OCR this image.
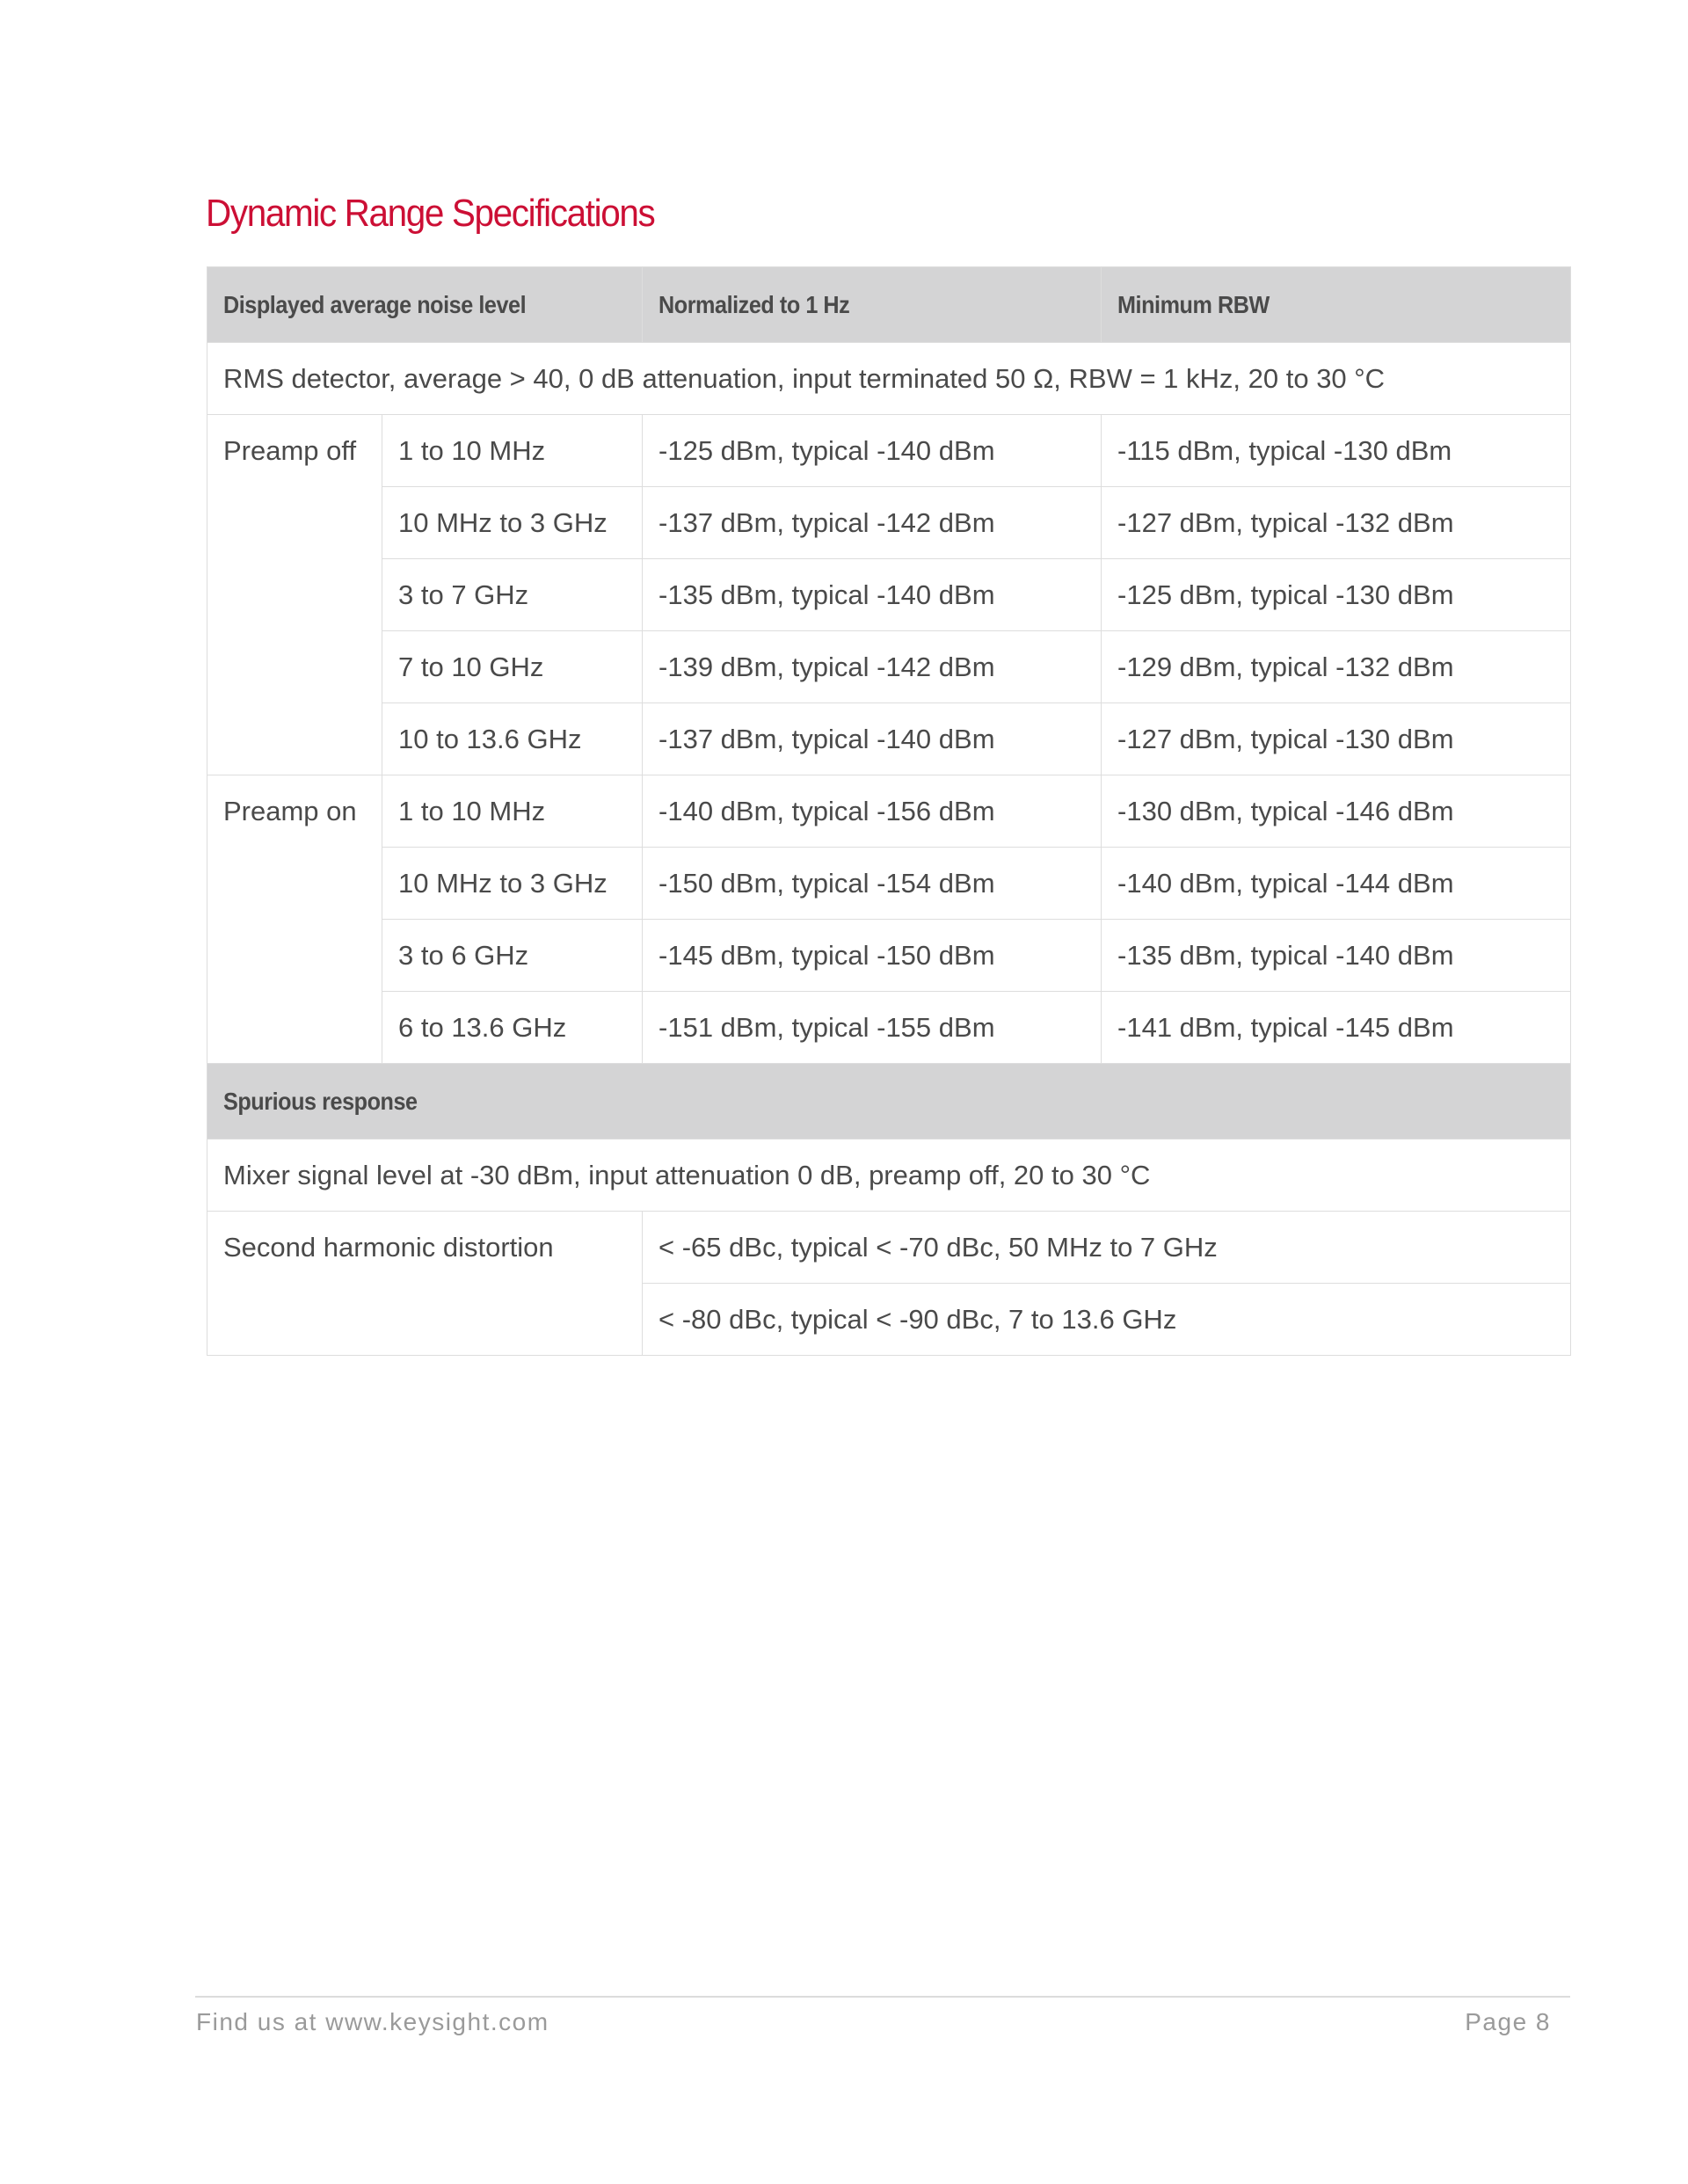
Dynamic Range Specifications
Displayed average noise level		Normalized to 1 Hz	Minimum RBW
RMS detector, average > 40, 0 dB attenuation, input terminated 50 Ω, RBW = 1 kHz, 20 to 30 °C			
Preamp off	1 to 10 MHz	-125 dBm, typical -140 dBm	-115 dBm, typical -130 dBm
	10 MHz to 3 GHz	-137 dBm, typical -142 dBm	-127 dBm, typical -132 dBm
	3 to 7 GHz	-135 dBm, typical -140 dBm	-125 dBm, typical -130 dBm
	7 to 10 GHz	-139 dBm, typical -142 dBm	-129 dBm, typical -132 dBm
	10 to 13.6 GHz	-137 dBm, typical -140 dBm	-127 dBm, typical -130 dBm
Preamp on	1 to 10 MHz	-140 dBm, typical -156 dBm	-130 dBm, typical -146 dBm
	10 MHz to 3 GHz	-150 dBm, typical -154 dBm	-140 dBm, typical -144 dBm
	3 to 6 GHz	-145 dBm, typical -150 dBm	-135 dBm, typical -140 dBm
	6 to 13.6 GHz	-151 dBm, typical -155 dBm	-141 dBm, typical -145 dBm
Spurious response			
Mixer signal level at -30 dBm, input attenuation 0 dB, preamp off, 20 to 30 °C			
Second harmonic distortion		< -65 dBc, typical < -70 dBc, 50 MHz to 7 GHz	
		< -80 dBc, typical < -90 dBc, 7 to 13.6 GHz	
Find us at www.keysight.com	Page 8
